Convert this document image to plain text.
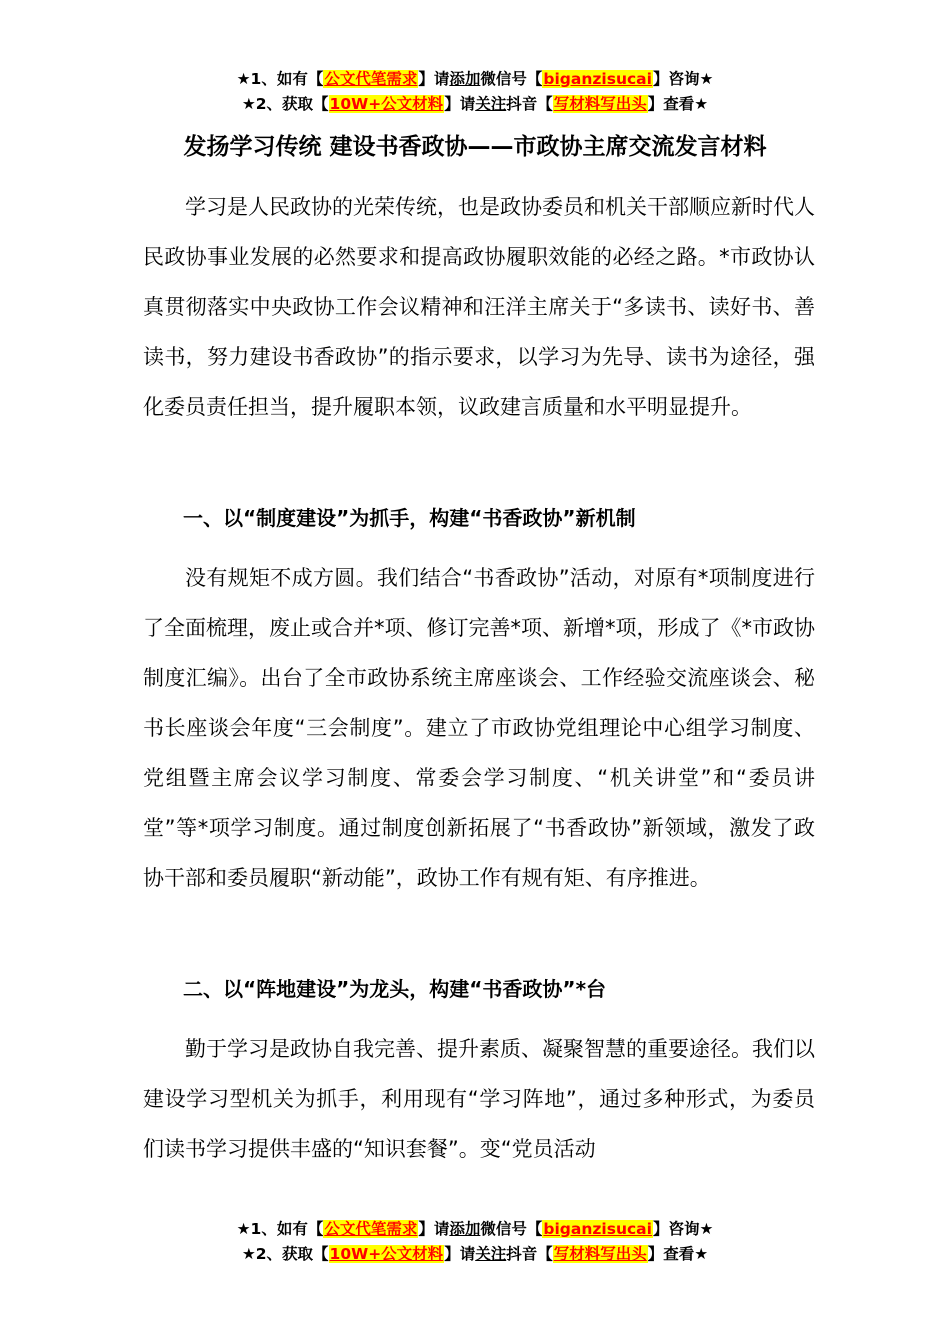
★1、如有【公文代笔需求】请添加微信号【biganzisucai】咨询★
★2、获取【10W+公文材料】请关注抖音【写材料写出头】查看★
发扬学习传统 建设书香政协——市政协主席交流发言材料

学习是人民政协的光荣传统，也是政协委员和机关干部顺应新时代人民政协事业发展的必然要求和提高政协履职效能的必经之路。*市政协认真贯彻落实中央政协工作会议精神和汪洋主席关于“多读书、读好书、善读书，努力建设书香政协”的指示要求，以学习为先导、读书为途径，强化委员责任担当，提升履职本领，议政建言质量和水平明显提升。

一、以“制度建设”为抓手，构建“书香政协”新机制

没有规矩不成方圆。我们结合“书香政协”活动，对原有*项制度进行了全面梳理，废止或合并*项、修订完善*项、新增*项，形成了《*市政协制度汇编》。出台了全市政协系统主席座谈会、工作经验交流座谈会、秘书长座谈会年度“三会制度”。建立了市政协党组理论中心组学习制度、党组暨主席会议学习制度、常委会学习制度、“机关讲堂”和“委员讲堂”等*项学习制度。通过制度创新拓展了“书香政协”新领域，激发了政协干部和委员履职“新动能”，政协工作有规有矩、有序推进。

二、以“阵地建设”为龙头，构建“书香政协”*台

勤于学习是政协自我完善、提升素质、凝聚智慧的重要途径。我们以建设学习型机关为抓手，利用现有“学习阵地”，通过多种形式，为委员们读书学习提供丰盛的“知识套餐”。变“党员活动

★1、如有【公文代笔需求】请添加微信号【biganzisucai】咨询★
★2、获取【10W+公文材料】请关注抖音【写材料写出头】查看★
